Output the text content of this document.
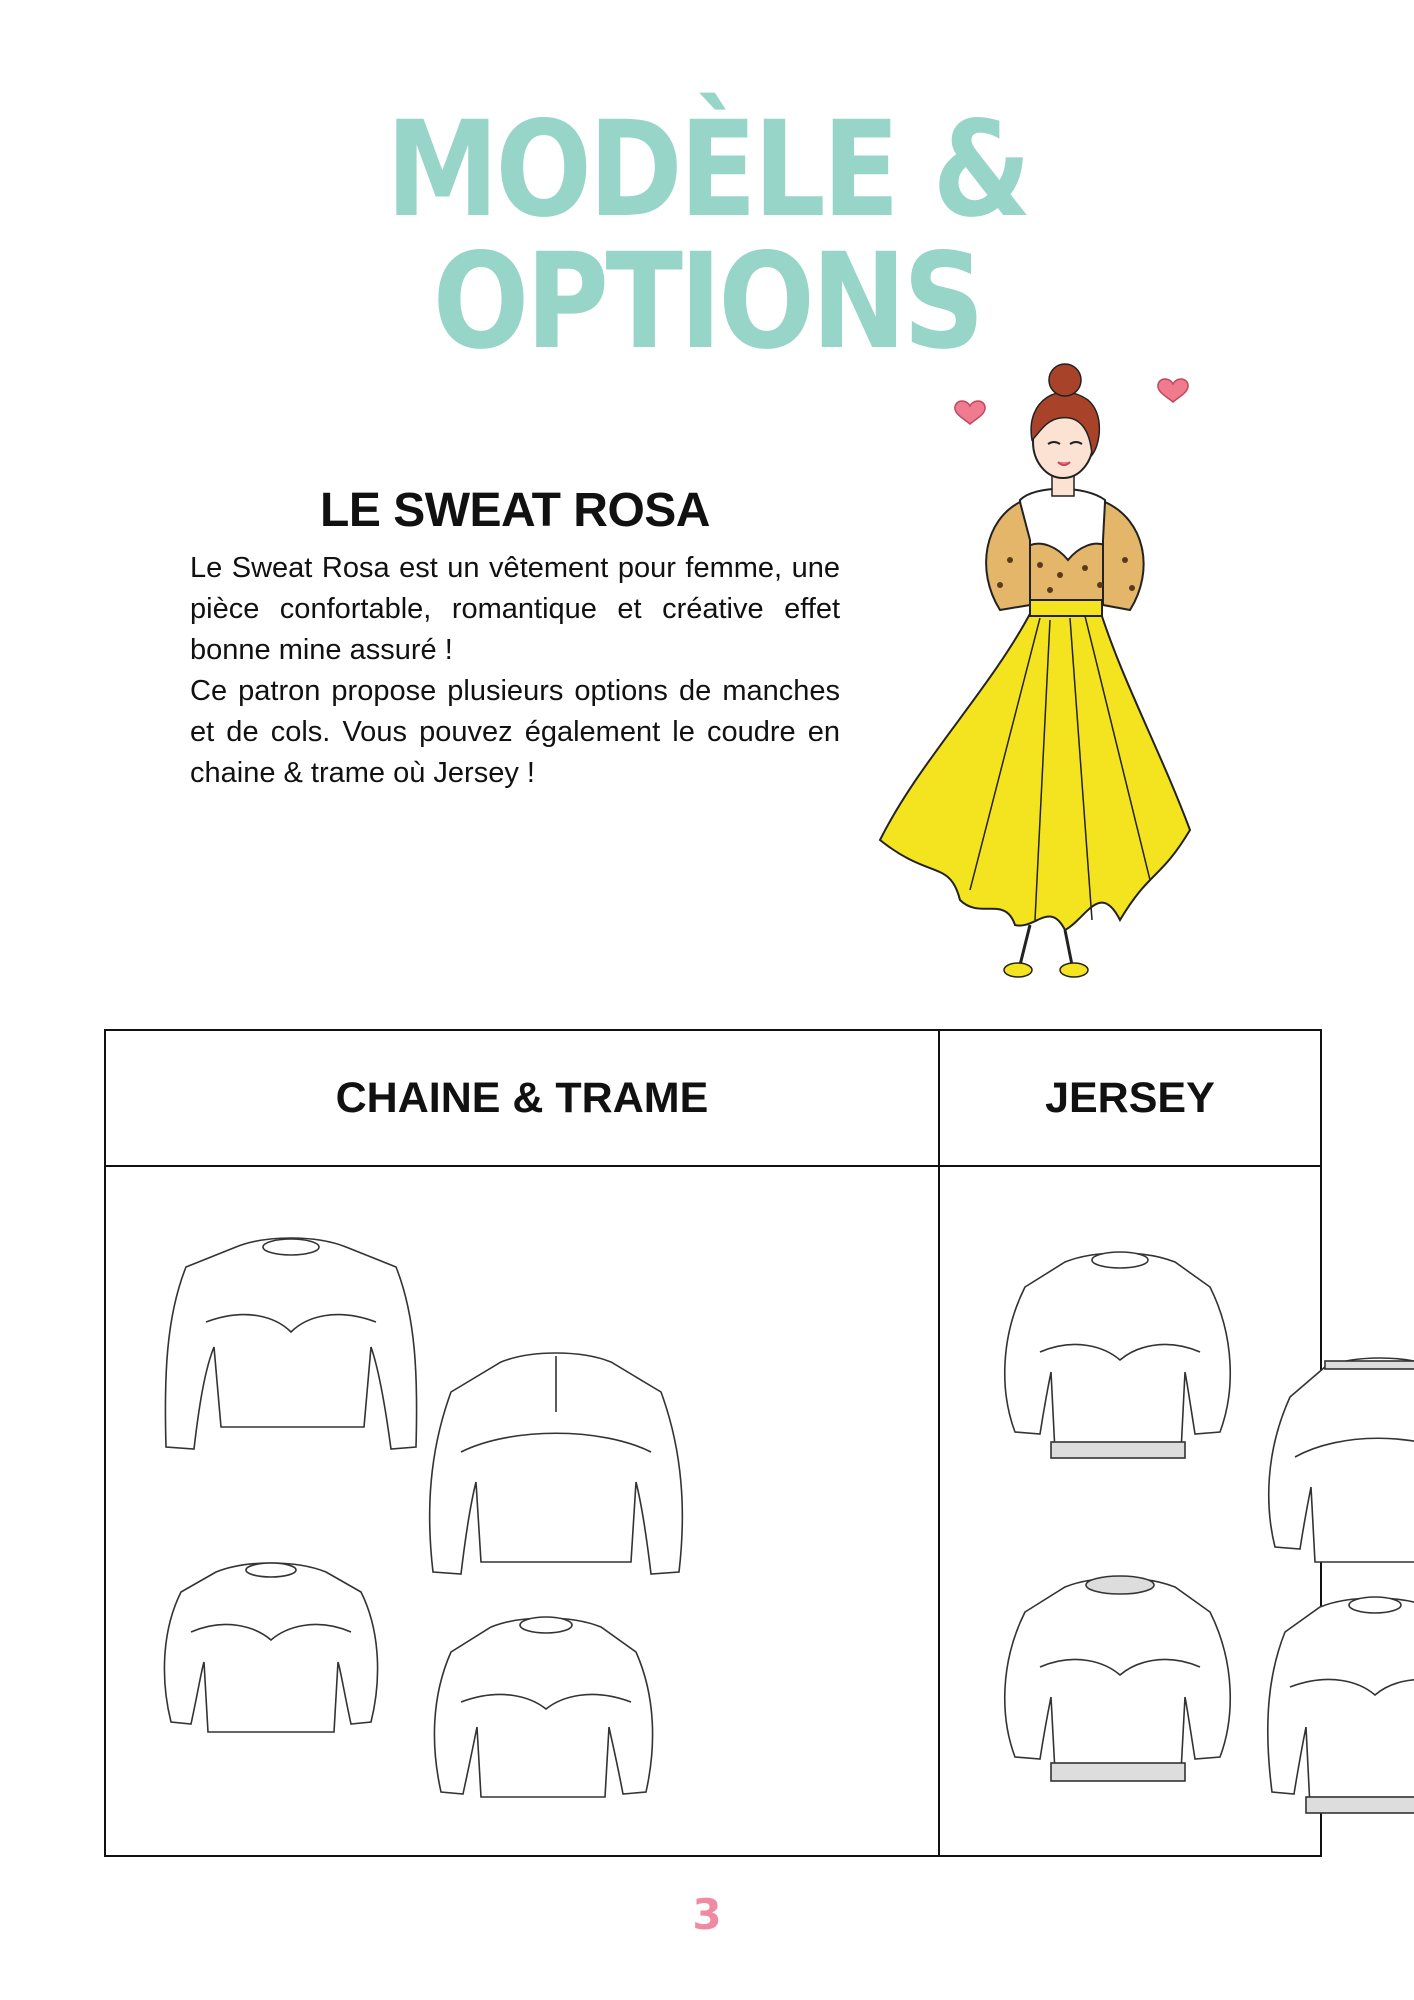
MODÈLE & OPTIONS
LE SWEAT ROSA

Le Sweat Rosa est un vêtement pour femme, une pièce confortable, romantique et créative effet bonne mine assuré !

Ce patron propose plusieurs options de manches et de cols. Vous pouvez également le coudre en chaine & trame où Jersey !

CHAINE & TRAME	JERSEY

3
